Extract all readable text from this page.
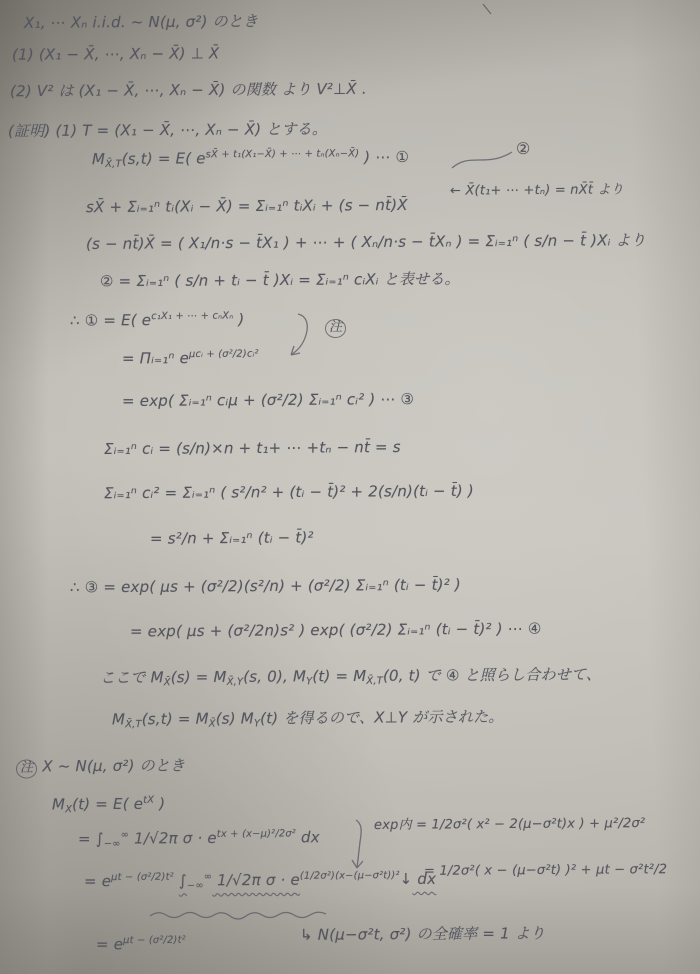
X₁, ⋯ Xₙ i.i.d. ~ N(μ, σ²) のとき
(1) (X₁ − X̄, ⋯, Xₙ − X̄) ⊥ X̄
(2) V² は (X₁ − X̄, ⋯, Xₙ − X̄) の関数 より V²⊥X̄ .
(証明) (1) T = (X₁ − X̄, ⋯, Xₙ − X̄) とする。
MX̄,T(s,t) = E( $e^{sX̄ + t_1(X_1-X̄) + \cdots + t_n(X_n-X̄)}$ ) ⋯ ①	②
sX̄ + Σᵢ₌₁ⁿ tᵢ(Xᵢ − X̄) = Σᵢ₌₁ⁿ tᵢXᵢ + (s − nt̄)X̄
← X̄(t₁+ ⋯ +tₙ) = nX̄t̄ より
(s − nt̄)X̄ = ( X₁/n·s − t̄X₁ ) + ⋯ + ( Xₙ/n·s − t̄Xₙ ) = Σᵢ₌₁ⁿ ( s/n − t̄ )Xᵢ より
② = Σᵢ₌₁ⁿ ( s/n + tᵢ − t̄ )Xᵢ = Σᵢ₌₁ⁿ cᵢXᵢ と表せる。
∴ ① = E( $e^{c_1X_1 + \cdots + c_nX_n}$ )	注
= Πᵢ₌₁ⁿ $e^{\mu cᵢ + (\sigma^2/2)cᵢ^2}$
= exp( Σᵢ₌₁ⁿ cᵢμ + (σ²/2) Σᵢ₌₁ⁿ cᵢ² ) ⋯ ③
Σᵢ₌₁ⁿ cᵢ = (s/n)×n + t₁+ ⋯ +tₙ − nt̄ = s
Σᵢ₌₁ⁿ cᵢ² = Σᵢ₌₁ⁿ ( s²/n² + (tᵢ − t̄)² + 2(s/n)(tᵢ − t̄) )
= s²/n + Σᵢ₌₁ⁿ (tᵢ − t̄)²
∴ ③ = exp( μs + (σ²/2)(s²/n) + (σ²/2) Σᵢ₌₁ⁿ (tᵢ − t̄)² )
= exp( μs + (σ²/2n)s² ) exp( (σ²/2) Σᵢ₌₁ⁿ (tᵢ − t̄)² ) ⋯ ④
ここで MX̄(s) = MX̄,Y(s, 0), MY(t) = MX̄,T(0, t) で ④ と照らし合わせて、
MX̄,T(s,t) = MX̄(s) MY(t) を得るので、X⊥Y が示された。
注 X ~ N(μ, σ²) のとき
MX(t) = E( $e^{tX}$ )
= ∫−∞∞ 1/√2π $\sigma \cdot e^{tx + (x-\mu)^2/2\sigma^2}$ dx
exp内 = 1/2σ²( x² − 2(μ−σ²t)x ) + μ²/2σ²
= $e^{\mu t - (\sigma^2/2)t^2}$ ∫−∞∞ 1/√2π $\sigma \cdot e^{(1/2\sigma^2)(x-(\mu-\sigma^2t))^2}↓$ dx
= 1/2σ²( x − (μ−σ²t) )² + μt − σ²t²/2
= $e^{\mu t - (\sigma^2/2)t^2}$	↳ N(μ−σ²t, σ²) の全確率 = 1 より
